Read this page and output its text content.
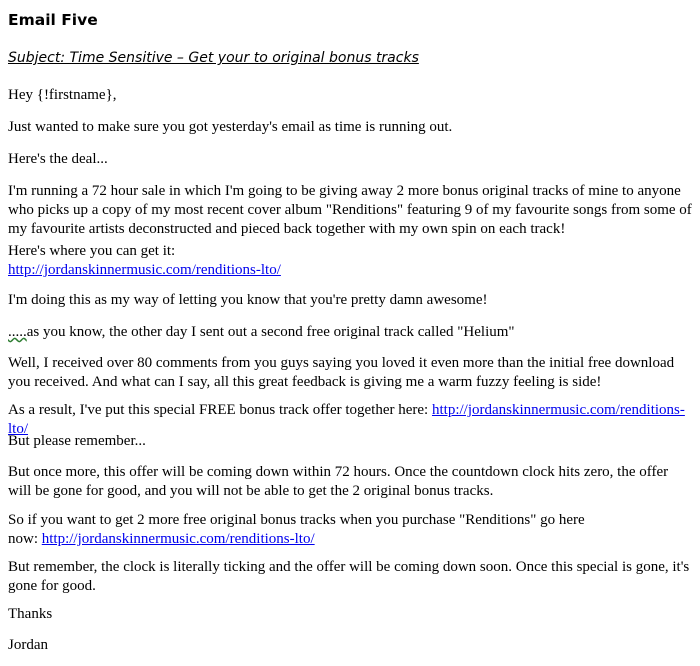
Email Five
Subject: Time Sensitive – Get your to original bonus tracks
Hey {!firstname},
Just wanted to make sure you got yesterday's email as time is running out.
Here's the deal...
I'm running a 72 hour sale in which I'm going to be giving away 2 more bonus original tracks of mine to anyone who picks up a copy of my most recent cover album "Renditions" featuring 9 of my favourite songs from some of my favourite artists deconstructed and pieced back together with my own spin on each track!
Here's where you can get it:
http://jordanskinnermusic.com/renditions-lto/
I'm doing this as my way of letting you know that you're pretty damn awesome!
.....as you know, the other day I sent out a second free original track called "Helium"
Well, I received over 80 comments from you guys saying you loved it even more than the initial free download you received. And what can I say, all this great feedback is giving me a warm fuzzy feeling is side!
As a result, I've put this special FREE bonus track offer together here: http://jordanskinnermusic.com/renditions-lto/
But please remember...
But once more, this offer will be coming down within 72 hours. Once the countdown clock hits zero, the offer will be gone for good, and you will not be able to get the 2 original bonus tracks.
So if you want to get 2 more free original bonus tracks when you purchase "Renditions" go here
now: http://jordanskinnermusic.com/renditions-lto/
But remember, the clock is literally ticking and the offer will be coming down soon. Once this special is gone, it's gone for good.
Thanks
Jordan
